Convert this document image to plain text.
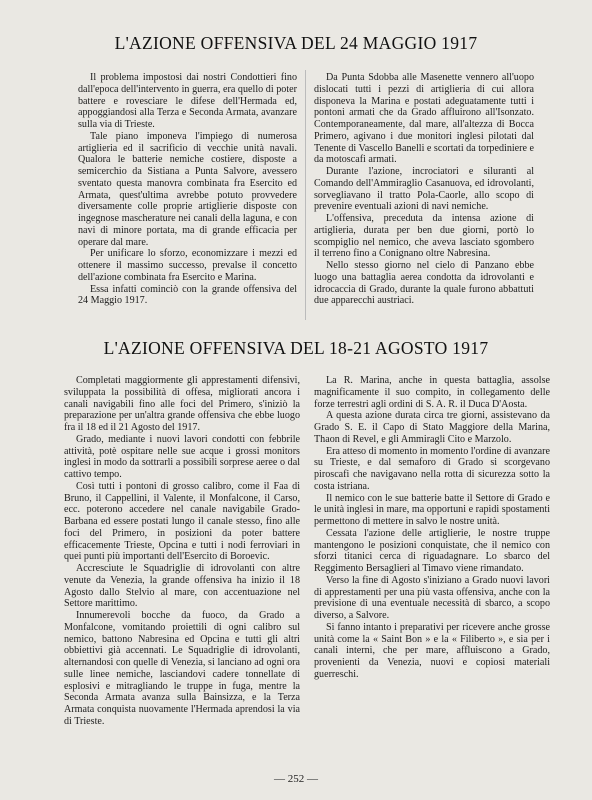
L'AZIONE OFFENSIVA DEL 24 MAGGIO 1917

Il problema impostosi dai nostri Condottieri fino dall'epoca dell'intervento in guerra, era quello di poter battere e rovesciare le difese dell'Hermada ed, appoggiandosi alla Terza e Seconda Armata, avanzare sulla via di Trieste.

Tale piano imponeva l'impiego di numerosa artiglieria ed il sacrificio di vecchie unità navali. Qualora le batterie nemiche costiere, disposte a semicerchio da Sistiana a Punta Salvore, avessero sventato questa manovra combinata fra Esercito ed Armata, quest'ultima avrebbe potuto provvedere diversamente colle proprie artiglierie disposte con ingegnose mascherature nei canali della laguna, e con navi di minore portata, ma di grande efficacia per operare dal mare.

Per unificare lo sforzo, economizzare i mezzi ed ottenere il massimo successo, prevalse il concetto dell'azione combinata fra Esercito e Marina.

Essa infatti cominciò con la grande offensiva del 24 Maggio 1917.

Da Punta Sdobba alle Masenette vennero all'uopo dislocati tutti i pezzi di artiglieria di cui allora disponeva la Marina e postati adeguatamente tutti i pontoni armati che da Grado affluirono all'Isonzato. Contemporaneamente, dal mare, all'altezza di Bocca Primero, agivano i due monitori inglesi pilotati dal Tenente di Vascello Banelli e scortati da torpediniere e da motoscafi armati.

Durante l'azione, incrociatori e siluranti al Comando dell'Ammiraglio Casanuova, ed idrovolanti, sorvegliavano il tratto Pola-Caorle, allo scopo di prevenire eventuali azioni di navi nemiche.

L'offensiva, preceduta da intensa azione di artiglieria, durata per ben due giorni, portò lo scompiglio nel nemico, che aveva lasciato sgombero il terreno fino a Conignano oltre Nabresina.

Nello stesso giorno nel cielo di Panzano ebbe luogo una battaglia aerea condotta da idrovolanti e idrocaccia di Grado, durante la quale furono abbattuti due apparecchi austriaci.

L'AZIONE OFFENSIVA DEL 18-21 AGOSTO 1917

Completati maggiormente gli apprestamenti difensivi, sviluppata la possibilità di offesa, migliorati ancora i canali navigabili fino alle foci del Primero, s'iniziò la preparazione per un'altra grande offensiva che ebbe luogo fra il 18 ed il 21 Agosto del 1917.

Grado, mediante i nuovi lavori condotti con febbrile attività, potè ospitare nelle sue acque i grossi monitors inglesi in modo da sottrarli a possibili sorprese aeree o dal cattivo tempo.

Così tutti i pontoni di grosso calibro, come il Faa di Bruno, il Cappellini, il Valente, il Monfalcone, il Carso, ecc. poterono accedere nel canale navigabile Grado-Barbana ed essere postati lungo il canale stesso, fino alle foci del Primero, in posizioni da poter battere efficacemente Trieste, Opcina e tutti i nodi ferroviari in quei punti più importanti dell'Esercito di Boroevic.

Accresciute le Squadriglie di idrovolanti con altre venute da Venezia, la grande offensiva ha inizio il 18 Agosto dallo Stelvio al mare, con accentuazione nel Settore marittimo.

Innumerevoli bocche da fuoco, da Grado a Monfalcone, vomitando proiettili di ogni calibro sul nemico, battono Nabresina ed Opcina e tutti gli altri obbiettivi già accennati. Le Squadriglie di idrovolanti, alternandosi con quelle di Venezia, si lanciano ad ogni ora sulle linee nemiche, lasciandovi cadere tonnellate di esplosivi e mitragliando le truppe in fuga, mentre la Seconda Armata avanza sulla Bainsizza, e la Terza Armata conquista nuovamente l'Hermada aprendosi la via di Trieste.

La R. Marina, anche in questa battaglia, assolse magnificamente il suo compito, in collegamento delle forze terrestri agli ordini di S. A. R. il Duca D'Aosta.

A questa azione durata circa tre giorni, assistevano da Grado S. E. il Capo di Stato Maggiore della Marina, Thaon di Revel, e gli Ammiragli Cito e Marzolo.

Era atteso di momento in momento l'ordine di avanzare su Trieste, e dal semaforo di Grado si scorgevano piroscafi che navigavano nella rotta di sicurezza sotto la costa istriana.

Il nemico con le sue batterie batte il Settore di Grado e le unità inglesi in mare, ma opportuni e rapidi spostamenti permettono di mettere in salvo le nostre unità.

Cessata l'azione delle artiglierie, le nostre truppe mantengono le posizioni conquistate, che il nemico con sforzi titanici cerca di riguadagnare. Lo sbarco del Reggimento Bersaglieri al Timavo viene rimandato.

Verso la fine di Agosto s'iniziano a Grado nuovi lavori di apprestamenti per una più vasta offensiva, anche con la previsione di una eventuale necessità di sbarco, a scopo diverso, a Salvore.

Si fanno intanto i preparativi per ricevere anche grosse unità come la « Saint Bon » e la « Filiberto », e sia per i canali interni, che per mare, affluiscono a Grado, provenienti da Venezia, nuovi e copiosi materiali guerreschi.

— 252 —
